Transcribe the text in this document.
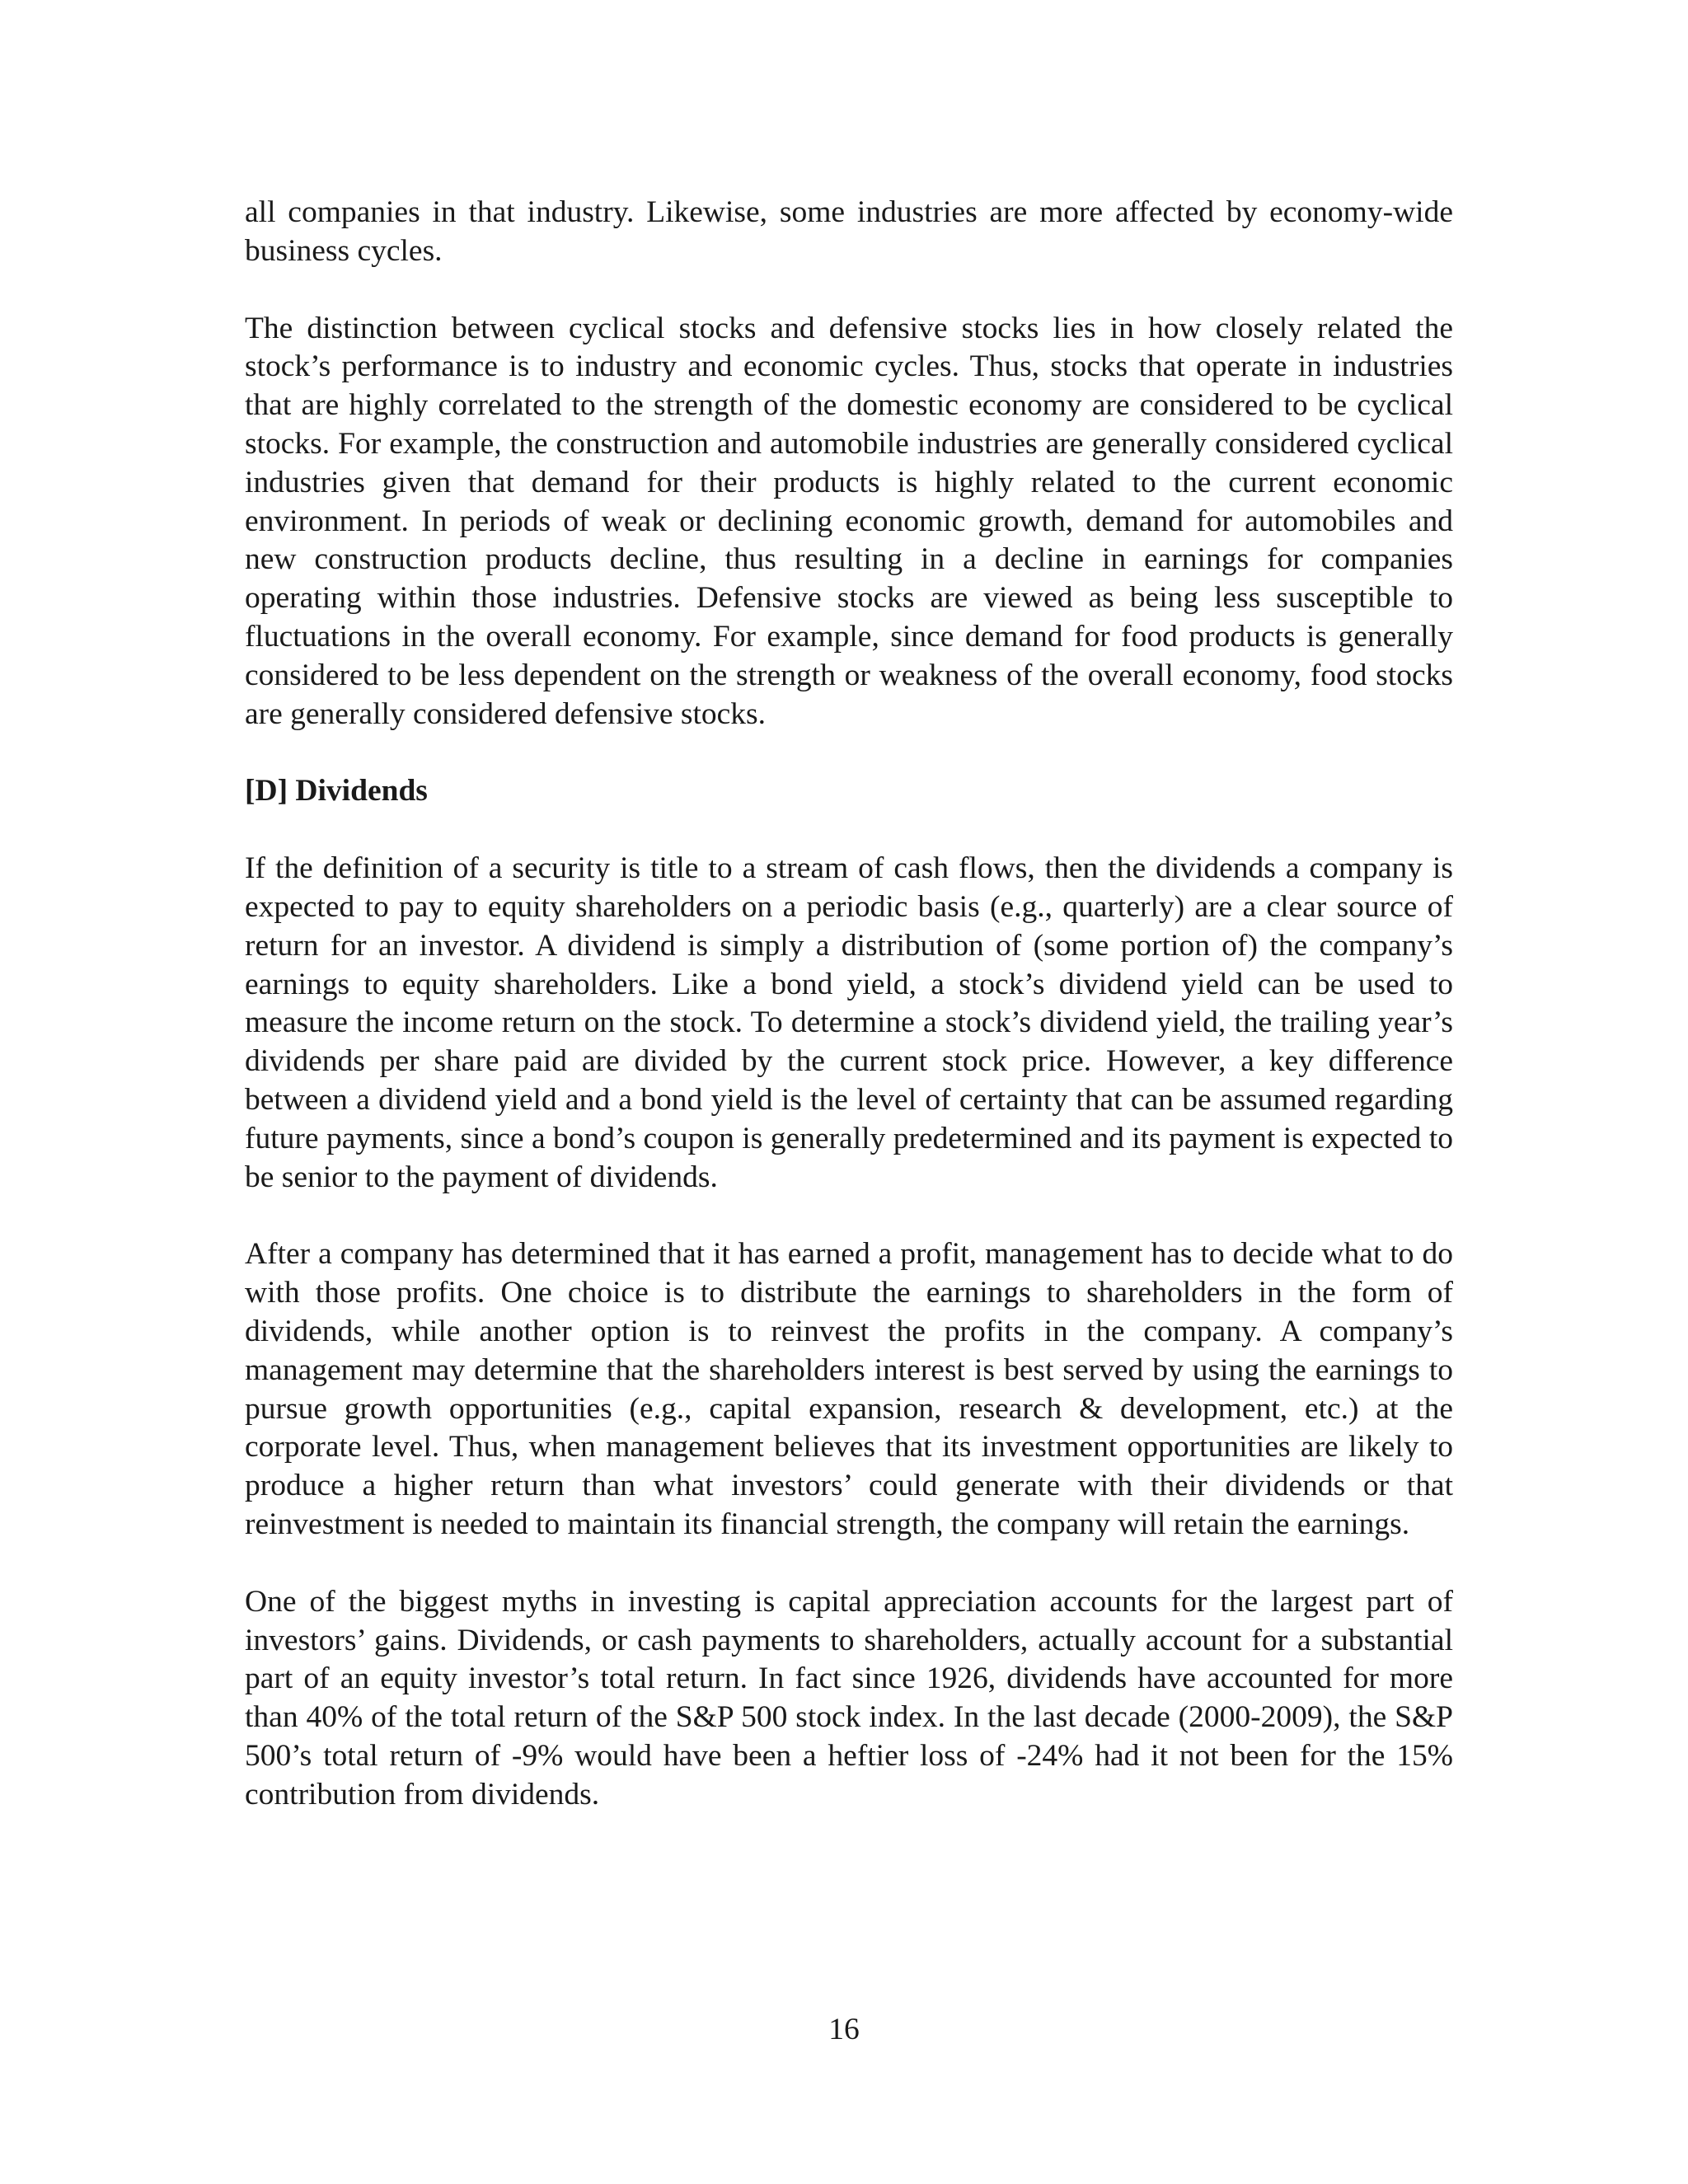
all companies in that industry. Likewise, some industries are more affected by economy-wide business cycles.

The distinction between cyclical stocks and defensive stocks lies in how closely related the stock’s performance is to industry and economic cycles. Thus, stocks that operate in industries that are highly correlated to the strength of the domestic economy are considered to be cyclical stocks. For example, the construction and automobile industries are generally considered cyclical industries given that demand for their products is highly related to the current economic environment. In periods of weak or declining economic growth, demand for automobiles and new construction products decline, thus resulting in a decline in earnings for companies operating within those industries. Defensive stocks are viewed as being less susceptible to fluctuations in the overall economy. For example, since demand for food products is generally considered to be less dependent on the strength or weakness of the overall economy, food stocks are generally considered defensive stocks.

[D] Dividends

If the definition of a security is title to a stream of cash flows, then the dividends a company is expected to pay to equity shareholders on a periodic basis (e.g., quarterly) are a clear source of return for an investor. A dividend is simply a distribution of (some portion of) the company’s earnings to equity shareholders. Like a bond yield, a stock’s dividend yield can be used to measure the income return on the stock. To determine a stock’s dividend yield, the trailing year’s dividends per share paid are divided by the current stock price. However, a key difference between a dividend yield and a bond yield is the level of certainty that can be assumed regarding future payments, since a bond’s coupon is generally predetermined and its payment is expected to be senior to the payment of dividends.

After a company has determined that it has earned a profit, management has to decide what to do with those profits. One choice is to distribute the earnings to shareholders in the form of dividends, while another option is to reinvest the profits in the company. A company’s management may determine that the shareholders interest is best served by using the earnings to pursue growth opportunities (e.g., capital expansion, research & development, etc.) at the corporate level. Thus, when management believes that its investment opportunities are likely to produce a higher return than what investors’ could generate with their dividends or that reinvestment is needed to maintain its financial strength, the company will retain the earnings.

One of the biggest myths in investing is capital appreciation accounts for the largest part of investors’ gains. Dividends, or cash payments to shareholders, actually account for a substantial part of an equity investor’s total return. In fact since 1926, dividends have accounted for more than 40% of the total return of the S&P 500 stock index. In the last decade (2000-2009), the S&P 500’s total return of -9% would have been a heftier loss of -24% had it not been for the 15% contribution from dividends.

16
